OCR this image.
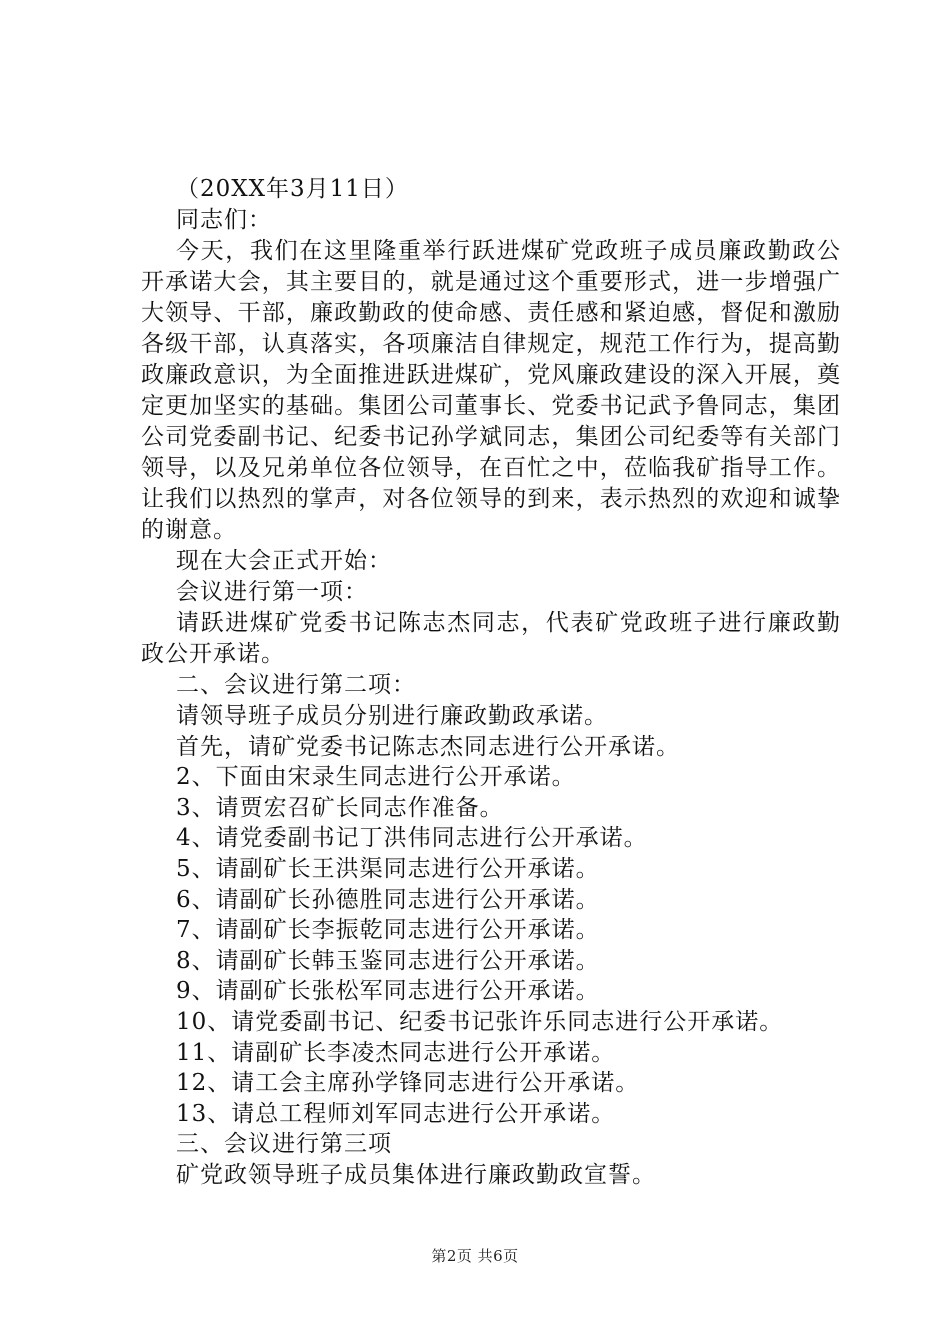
（20XX年3月11日）

同志们：

今天，我们在这里隆重举行跃进煤矿党政班子成员廉政勤政公开承诺大会，其主要目的，就是通过这个重要形式，进一步增强广大领导、干部，廉政勤政的使命感、责任感和紧迫感，督促和激励各级干部，认真落实，各项廉洁自律规定，规范工作行为，提高勤政廉政意识，为全面推进跃进煤矿，党风廉政建设的深入开展，奠定更加坚实的基础。集团公司董事长、党委书记武予鲁同志，集团公司党委副书记、纪委书记孙学斌同志，集团公司纪委等有关部门领导，以及兄弟单位各位领导，在百忙之中，莅临我矿指导工作。让我们以热烈的掌声，对各位领导的到来，表示热烈的欢迎和诚挚的谢意。

现在大会正式开始：

会议进行第一项：

请跃进煤矿党委书记陈志杰同志，代表矿党政班子进行廉政勤政公开承诺。

二、会议进行第二项：

请领导班子成员分别进行廉政勤政承诺。

首先，请矿党委书记陈志杰同志进行公开承诺。

2、下面由宋录生同志进行公开承诺。

3、请贾宏召矿长同志作准备。

4、请党委副书记丁洪伟同志进行公开承诺。

5、请副矿长王洪渠同志进行公开承诺。

6、请副矿长孙德胜同志进行公开承诺。

7、请副矿长李振乾同志进行公开承诺。

8、请副矿长韩玉鉴同志进行公开承诺。

9、请副矿长张松军同志进行公开承诺。

10、请党委副书记、纪委书记张许乐同志进行公开承诺。

11、请副矿长李凌杰同志进行公开承诺。

12、请工会主席孙学锋同志进行公开承诺。

13、请总工程师刘军同志进行公开承诺。

三、会议进行第三项

矿党政领导班子成员集体进行廉政勤政宣誓。

第2页 共6页
